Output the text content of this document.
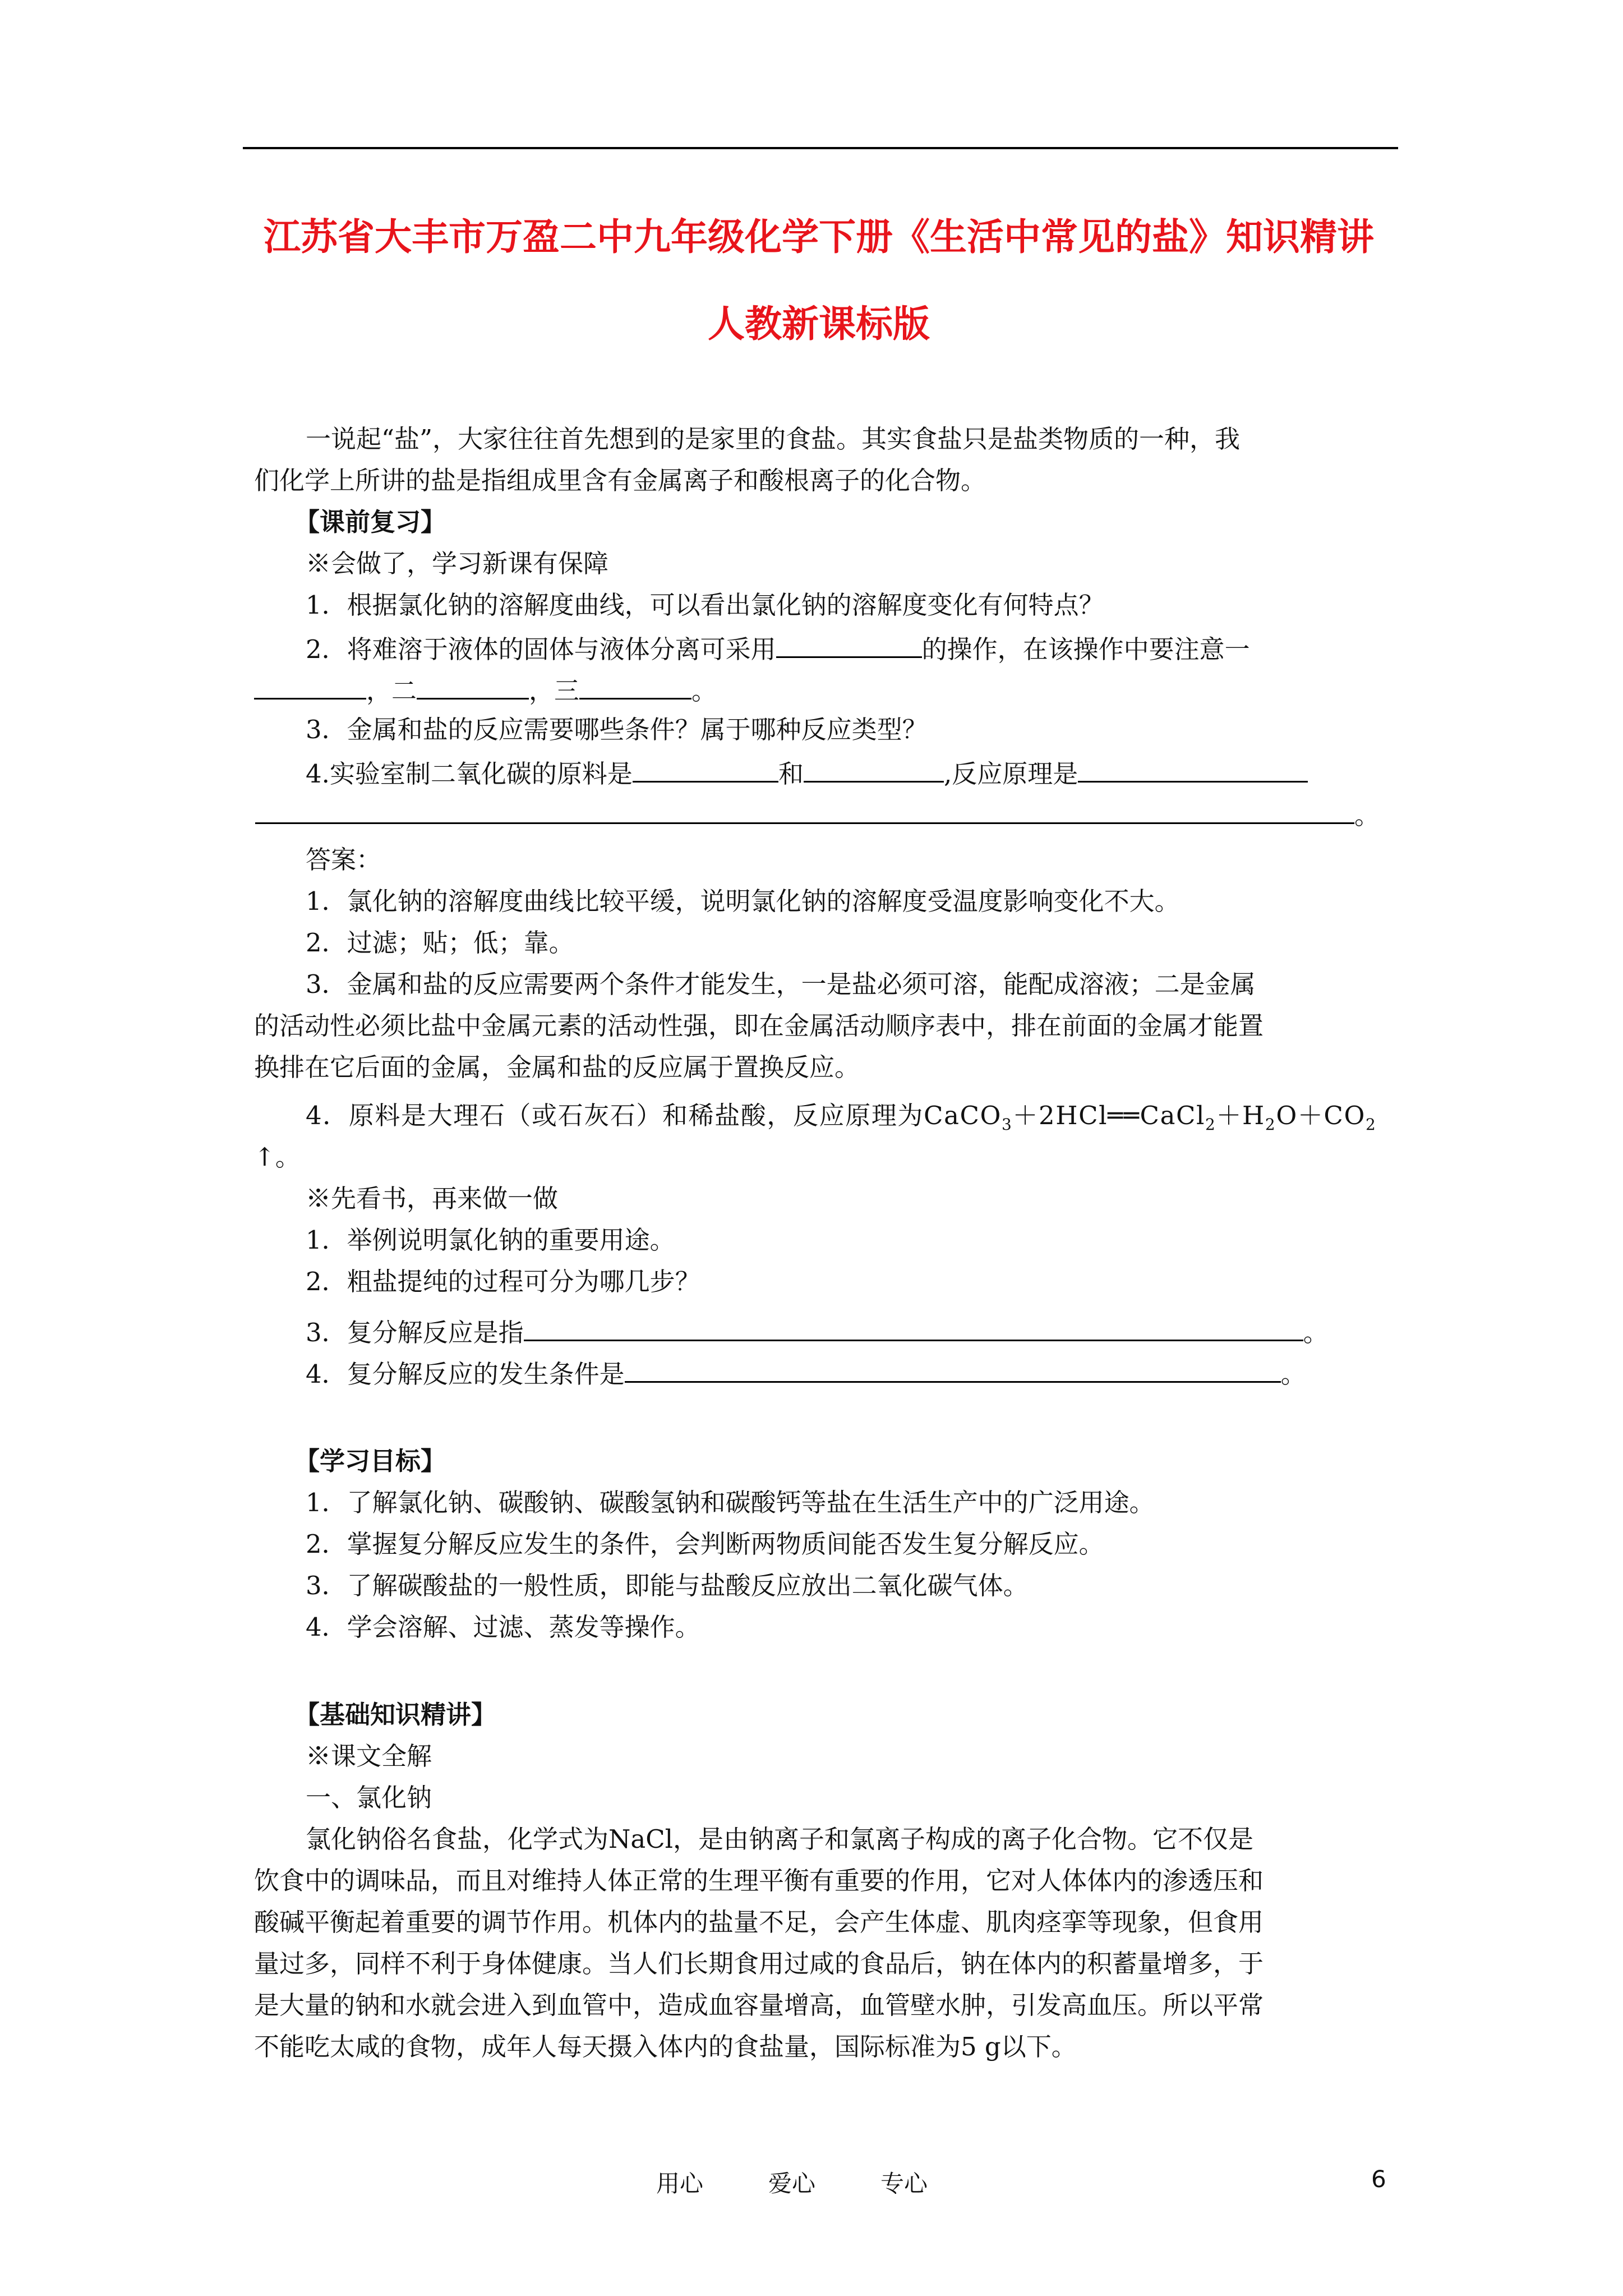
江苏省大丰市万盈二中九年级化学下册《生活中常见的盐》知识精讲
人教新课标版
一说起“盐”，大家往往首先想到的是家里的食盐。其实食盐只是盐类物质的一种，我
们化学上所讲的盐是指组成里含有金属离子和酸根离子的化合物。
【课前复习】
※会做了，学习新课有保障
1．根据氯化钠的溶解度曲线，可以看出氯化钠的溶解度变化有何特点？
2．将难溶于液体的固体与液体分离可采用	的操作，在该操作中要注意一
，二	，三	。
3．金属和盐的反应需要哪些条件？属于哪种反应类型？
4.实验室制二氧化碳的原料是	和	,反应原理是
。
答案：
1．氯化钠的溶解度曲线比较平缓，说明氯化钠的溶解度受温度影响变化不大。
2．过滤；贴；低；靠。
3．金属和盐的反应需要两个条件才能发生，一是盐必须可溶，能配成溶液；二是金属
的活动性必须比盐中金属元素的活动性强，即在金属活动顺序表中，排在前面的金属才能置
换排在它后面的金属，金属和盐的反应属于置换反应。
4．原料是大理石（或石灰石）和稀盐酸，反应原理为$CaCO_3+2HCl══CaCl_2+H_2O+CO_2$
↑。
※先看书，再来做一做
1．举例说明氯化钠的重要用途。
2．粗盐提纯的过程可分为哪几步？
3．复分解反应是指	。
4．复分解反应的发生条件是	。
【学习目标】
1．了解氯化钠、碳酸钠、碳酸氢钠和碳酸钙等盐在生活生产中的广泛用途。
2．掌握复分解反应发生的条件，会判断两物质间能否发生复分解反应。
3．了解碳酸盐的一般性质，即能与盐酸反应放出二氧化碳气体。
4．学会溶解、过滤、蒸发等操作。
【基础知识精讲】
※课文全解
一、氯化钠
氯化钠俗名食盐，化学式为NaCl，是由钠离子和氯离子构成的离子化合物。它不仅是
饮食中的调味品，而且对维持人体正常的生理平衡有重要的作用，它对人体体内的渗透压和
酸碱平衡起着重要的调节作用。机体内的盐量不足，会产生体虚、肌肉痉挛等现象，但食用
量过多，同样不利于身体健康。当人们长期食用过咸的食品后，钠在体内的积蓄量增多，于
是大量的钠和水就会进入到血管中，造成血容量增高，血管壁水肿，引发高血压。所以平常
不能吃太咸的食物，成年人每天摄入体内的食盐量，国际标准为5 g以下。
用心	爱心	专心	6
